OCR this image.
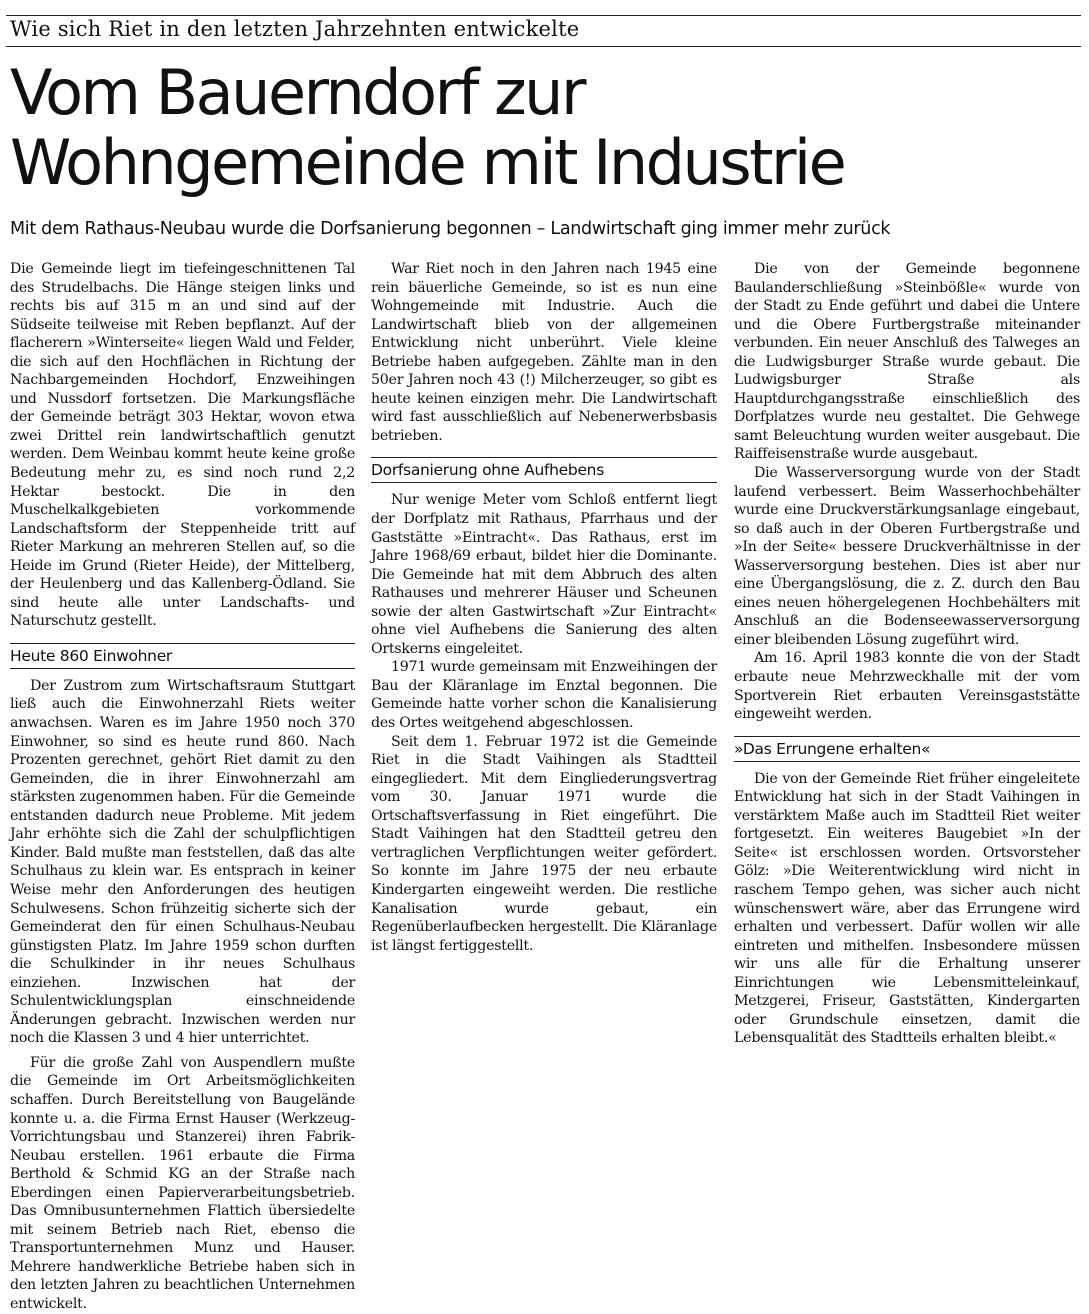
Wie sich Riet in den letzten Jahrzehnten entwickelte
Vom Bauerndorf zur
Wohngemeinde mit Industrie
Mit dem Rathaus-Neubau wurde die Dorfsanierung begonnen – Landwirtschaft ging immer mehr zurück

Die Gemeinde liegt im tiefeingeschnittenen Tal des Strudelbachs. Die Hänge steigen links und rechts bis auf 315 m an und sind auf der Südseite teilweise mit Reben bepflanzt. Auf der flacherern »Winterseite« liegen Wald und Felder, die sich auf den Hochflächen in Richtung der Nachbargemeinden Hochdorf, Enzweihingen und Nussdorf fortsetzen. Die Markungsfläche der Gemeinde beträgt 303 Hektar, wovon etwa zwei Drittel rein landwirtschaftlich genutzt werden. Dem Weinbau kommt heute keine große Bedeutung mehr zu, es sind noch rund 2,2 Hektar bestockt. Die in den Muschelkalkgebieten vorkommende Landschaftsform der Steppenheide tritt auf Rieter Markung an mehreren Stellen auf, so die Heide im Grund (Rieter Heide), der Mittelberg, der Heulenberg und das Kallenberg-Ödland. Sie sind heute alle unter Landschafts- und Naturschutz gestellt.

Heute 860 Einwohner

Der Zustrom zum Wirtschaftsraum Stuttgart ließ auch die Einwohnerzahl Riets weiter anwachsen. Waren es im Jahre 1950 noch 370 Einwohner, so sind es heute rund 860. Nach Prozenten gerechnet, gehört Riet damit zu den Gemeinden, die in ihrer Einwohnerzahl am stärksten zugenommen haben. Für die Gemeinde entstanden dadurch neue Probleme. Mit jedem Jahr erhöhte sich die Zahl der schulpflichtigen Kinder. Bald mußte man feststellen, daß das alte Schulhaus zu klein war. Es entsprach in keiner Weise mehr den Anforderungen des heutigen Schulwesens. Schon frühzeitig sicherte sich der Gemeinderat den für einen Schulhaus-Neubau günstigsten Platz. Im Jahre 1959 schon durften die Schulkinder in ihr neues Schulhaus einziehen. Inzwischen hat der Schulentwicklungsplan einschneidende Änderungen gebracht. Inzwischen werden nur noch die Klassen 3 und 4 hier unterrichtet.

Für die große Zahl von Auspendlern mußte die Gemeinde im Ort Arbeitsmöglichkeiten schaffen. Durch Bereitstellung von Baugelände konnte u. a. die Firma Ernst Hauser (Werkzeug-Vorrichtungsbau und Stanzerei) ihren Fabrik-Neubau erstellen. 1961 erbaute die Firma Berthold & Schmid KG an der Straße nach Eberdingen einen Papierverarbeitungsbetrieb. Das Omnibusunternehmen Flattich übersiedelte mit seinem Betrieb nach Riet, ebenso die Transportunternehmen Munz und Hauser. Mehrere handwerkliche Betriebe haben sich in den letzten Jahren zu beachtlichen Unternehmen entwickelt.

War Riet noch in den Jahren nach 1945 eine rein bäuerliche Gemeinde, so ist es nun eine Wohngemeinde mit Industrie. Auch die Landwirtschaft blieb von der allgemeinen Entwicklung nicht unberührt. Viele kleine Betriebe haben aufgegeben. Zählte man in den 50er Jahren noch 43 (!) Milcherzeuger, so gibt es heute keinen einzigen mehr. Die Landwirtschaft wird fast ausschließlich auf Nebenerwerbsbasis betrieben.

Dorfsanierung ohne Aufhebens

Nur wenige Meter vom Schloß entfernt liegt der Dorfplatz mit Rathaus, Pfarrhaus und der Gaststätte »Eintracht«. Das Rathaus, erst im Jahre 1968/69 erbaut, bildet hier die Dominante. Die Gemeinde hat mit dem Abbruch des alten Rathauses und mehrerer Häuser und Scheunen sowie der alten Gastwirtschaft »Zur Eintracht« ohne viel Aufhebens die Sanierung des alten Ortskerns eingeleitet.

1971 wurde gemeinsam mit Enzweihingen der Bau der Kläranlage im Enztal begonnen. Die Gemeinde hatte vorher schon die Kanalisierung des Ortes weitgehend abgeschlossen.

Seit dem 1. Februar 1972 ist die Gemeinde Riet in die Stadt Vaihingen als Stadtteil eingegliedert. Mit dem Eingliederungsvertrag vom 30. Januar 1971 wurde die Ortschaftsverfassung in Riet eingeführt. Die Stadt Vaihingen hat den Stadtteil getreu den vertraglichen Verpflichtungen weiter gefördert. So konnte im Jahre 1975 der neu erbaute Kindergarten eingeweiht werden. Die restliche Kanalisation wurde gebaut, ein Regenüberlaufbecken hergestellt. Die Kläranlage ist längst fertiggestellt.

Die von der Gemeinde begonnene Baulanderschließung »Steinbößle« wurde von der Stadt zu Ende geführt und dabei die Untere und die Obere Furtbergstraße miteinander verbunden. Ein neuer Anschluß des Talweges an die Ludwigsburger Straße wurde gebaut. Die Ludwigsburger Straße als Hauptdurchgangsstraße einschließlich des Dorfplatzes wurde neu gestaltet. Die Gehwege samt Beleuchtung wurden weiter ausgebaut. Die Raiffeisenstraße wurde ausgebaut.

Die Wasserversorgung wurde von der Stadt laufend verbessert. Beim Wasserhochbehälter wurde eine Druckverstärkungsanlage eingebaut, so daß auch in der Oberen Furtbergstraße und »In der Seite« bessere Druckverhältnisse in der Wasserversorgung bestehen. Dies ist aber nur eine Übergangslösung, die z. Z. durch den Bau eines neuen höhergelegenen Hochbehälters mit Anschluß an die Bodenseewasserversorgung einer bleibenden Lösung zugeführt wird.

Am 16. April 1983 konnte die von der Stadt erbaute neue Mehrzweckhalle mit der vom Sportverein Riet erbauten Vereinsgaststätte eingeweiht werden.

»Das Errungene erhalten«

Die von der Gemeinde Riet früher eingeleitete Entwicklung hat sich in der Stadt Vaihingen in verstärktem Maße auch im Stadtteil Riet weiter fortgesetzt. Ein weiteres Baugebiet »In der Seite« ist erschlossen worden. Ortsvorsteher Gölz: »Die Weiterentwicklung wird nicht in raschem Tempo gehen, was sicher auch nicht wünschenswert wäre, aber das Errungene wird erhalten und verbessert. Dafür wollen wir alle eintreten und mithelfen. Insbesondere müssen wir uns alle für die Erhaltung unserer Einrichtungen wie Lebensmitteleinkauf, Metzgerei, Friseur, Gaststätten, Kindergarten oder Grundschule einsetzen, damit die Lebensqualität des Stadtteils erhalten bleibt.«
